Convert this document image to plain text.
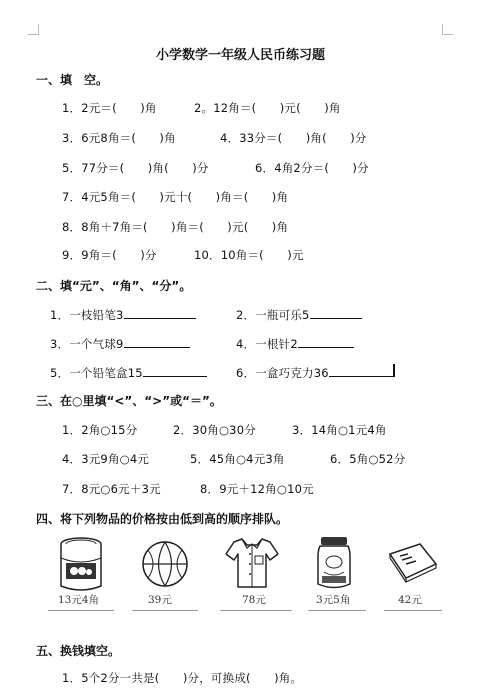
小学数学一年级人民币练习题
一、填　空。
1．2元＝(　　)角	2。12角＝(　　)元(　　)角
3．6元8角＝(　　)角	4．33分＝(　　)角(　　)分
5．77分＝(　　)角(　　)分	6．4角2分＝(　　)分
7．4元5角＝(　　)元十(　　)角＝(　　)角
8．8角＋7角＝(　　)角＝(　　)元(　　)角
9．9角＝(　　)分	10．10角＝(　　)元
二、填“元”、“角”、“分”。
1．一枝铅笔3	2．一瓶可乐5
3．一个气球9	4．一根针2
5．一个铅笔盒15	6．一盒巧克力36
三、在○里填“<”、“>”或“＝”。
1．2角○15分	2．30角○30分	3．14角○1元4角
4．3元9角○4元	5．45角○4元3角	6．5角○52分
7．8元○6元＋3元	8．9元＋12角○10元
四、将下列物品的价格按由低到高的顺序排队。
13元4角	39元	78元	3元5角	42元
五、换钱填空。
1．5个2分一共是(　　)分，可换成(　　)角。
